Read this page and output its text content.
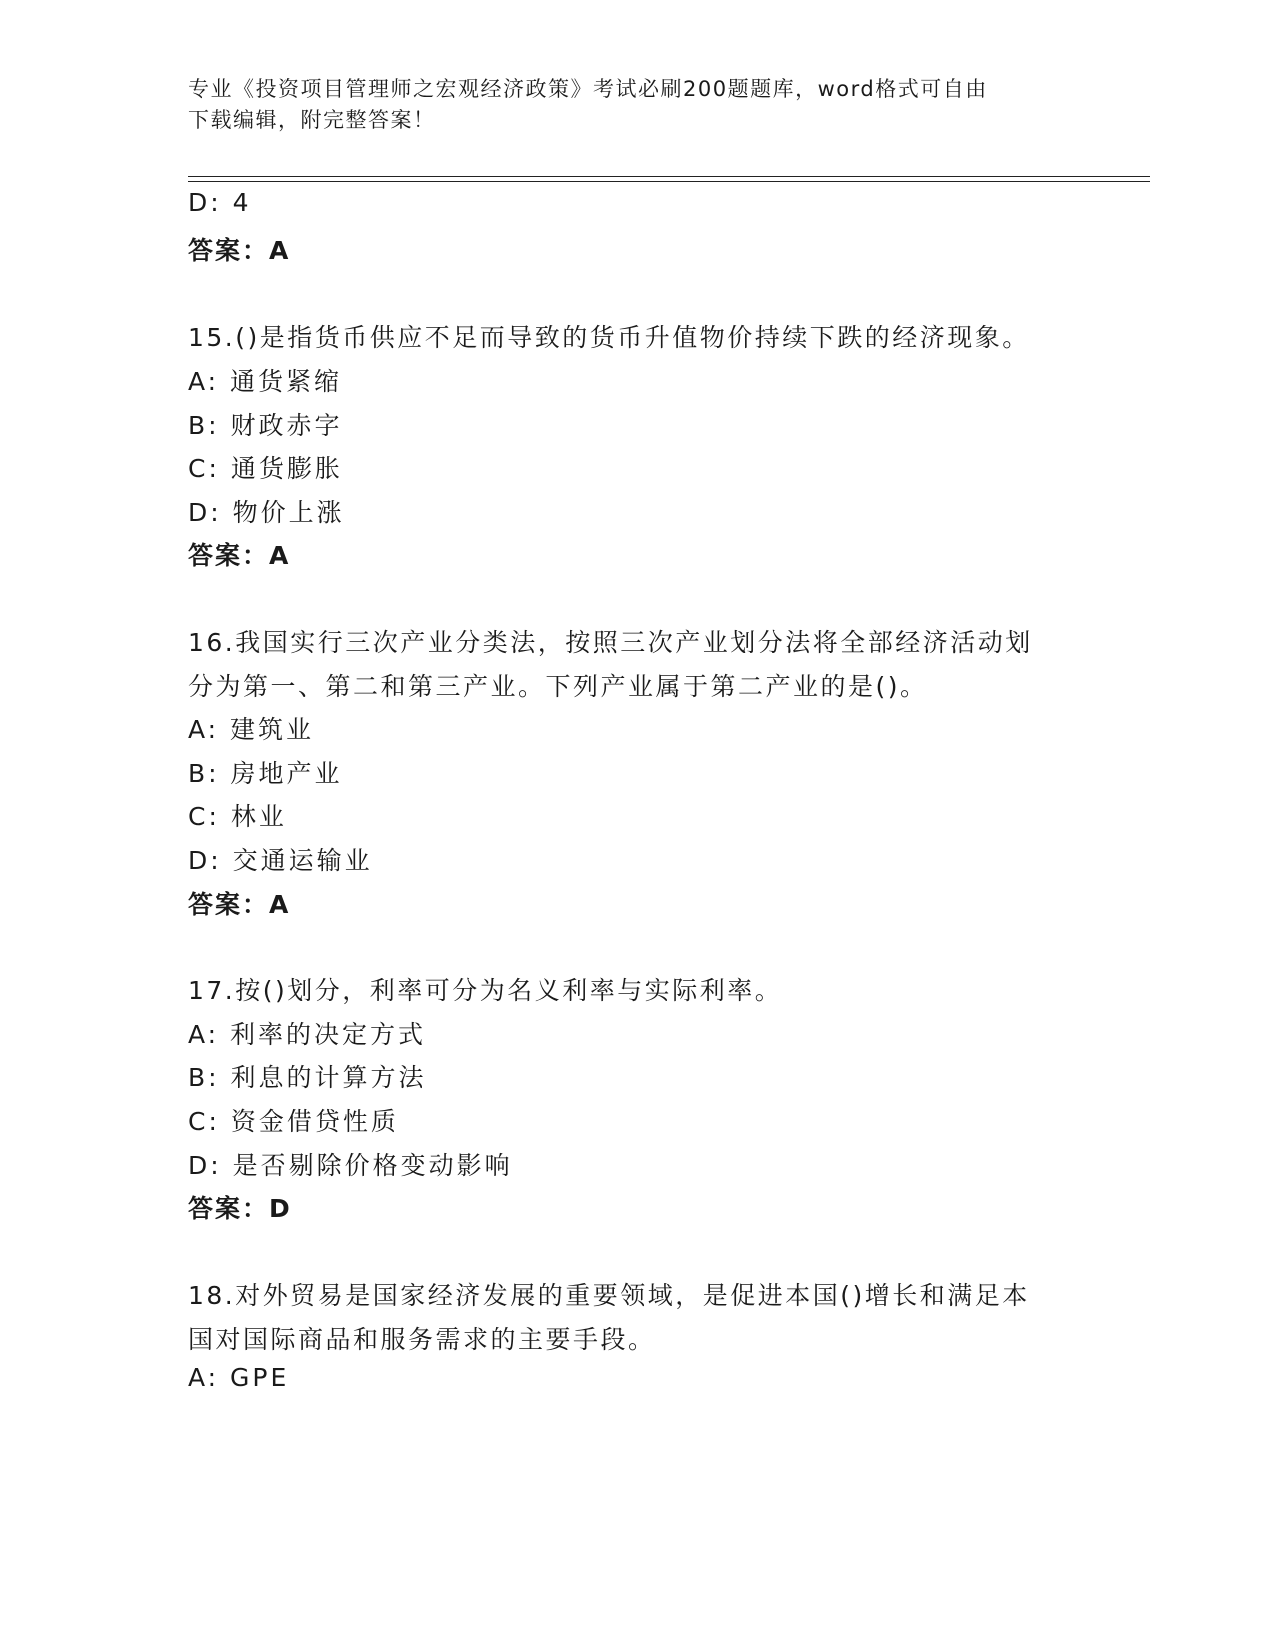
专业《投资项目管理师之宏观经济政策》考试必刷200题题库，word格式可自由
下载编辑，附完整答案！
D: 4
答案：A
15.()是指货币供应不足而导致的货币升值物价持续下跌的经济现象。
A: 通货紧缩
B: 财政赤字
C: 通货膨胀
D: 物价上涨
答案：A
16.我国实行三次产业分类法，按照三次产业划分法将全部经济活动划
分为第一、第二和第三产业。下列产业属于第二产业的是()。
A: 建筑业
B: 房地产业
C: 林业
D: 交通运输业
答案：A
17.按()划分，利率可分为名义利率与实际利率。
A: 利率的决定方式
B: 利息的计算方法
C: 资金借贷性质
D: 是否剔除价格变动影响
答案：D
18.对外贸易是国家经济发展的重要领域，是促进本国()增长和满足本
国对国际商品和服务需求的主要手段。
A: GPE
